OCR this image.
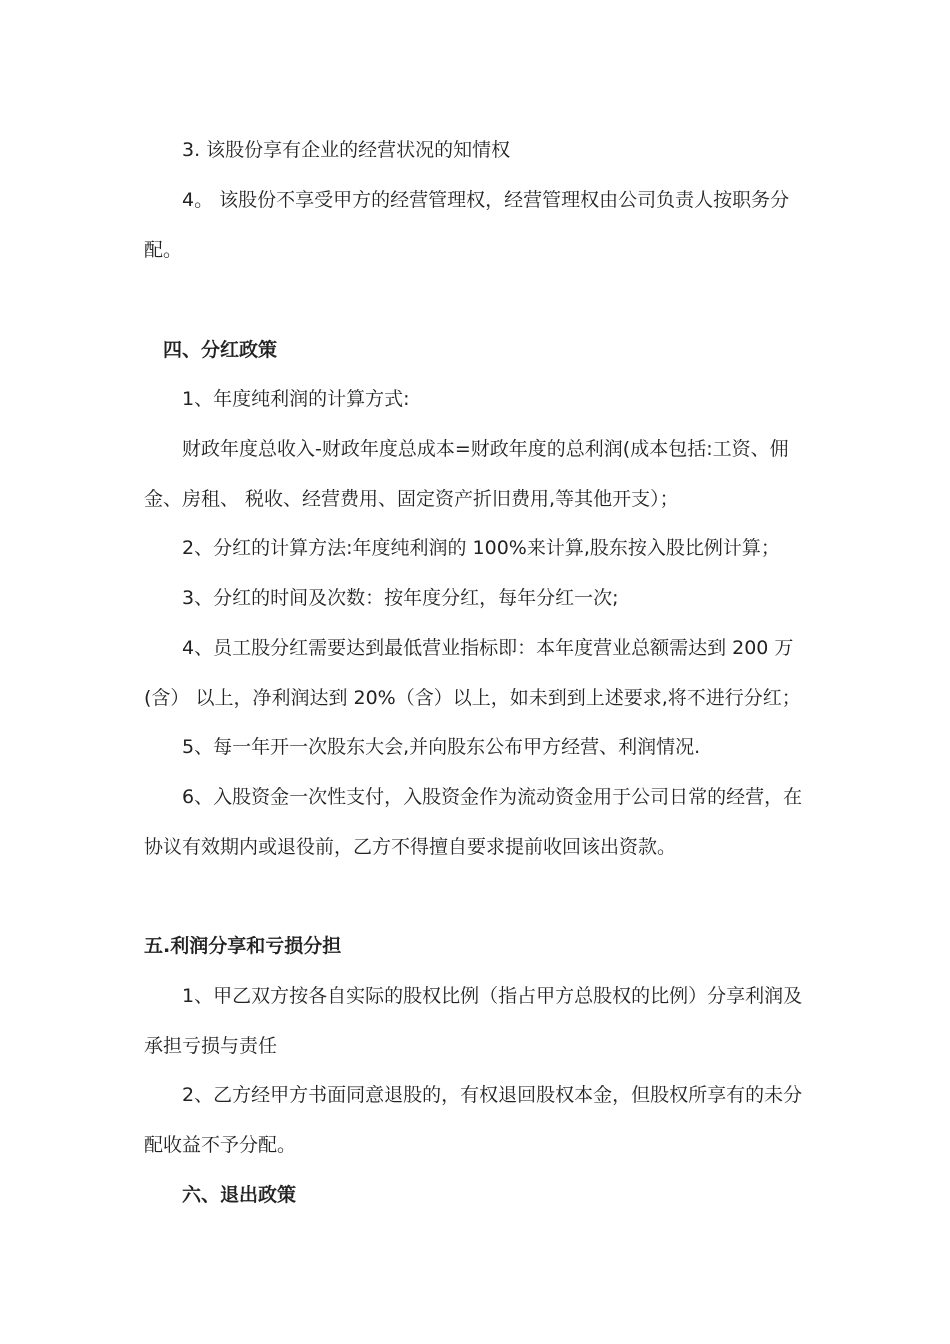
3. 该股份享有企业的经营状况的知情权
4。 该股份不享受甲方的经营管理权，经营管理权由公司负责人按职务分
配。
四、分红政策
1、年度纯利润的计算方式:
财政年度总收入-财政年度总成本=财政年度的总利润(成本包括:工资、佣
金、房租、 税收、经营费用、固定资产折旧费用,等其他开支）；
2、分红的计算方法:年度纯利润的 100%来计算,股东按入股比例计算；
3、分红的时间及次数：按年度分红，每年分红一次;
4、员工股分红需要达到最低营业指标即：本年度营业总额需达到 200 万
(含） 以上，净利润达到 20%（含）以上，如未到到上述要求,将不进行分红；
5、每一年开一次股东大会,并向股东公布甲方经营、利润情况.
6、入股资金一次性支付，入股资金作为流动资金用于公司日常的经营，在
协议有效期内或退役前，乙方不得擅自要求提前收回该出资款。
五.利润分享和亏损分担
1、甲乙双方按各自实际的股权比例（指占甲方总股权的比例）分享利润及
承担亏损与责任
2、乙方经甲方书面同意退股的，有权退回股权本金，但股权所享有的未分
配收益不予分配。
六、退出政策
